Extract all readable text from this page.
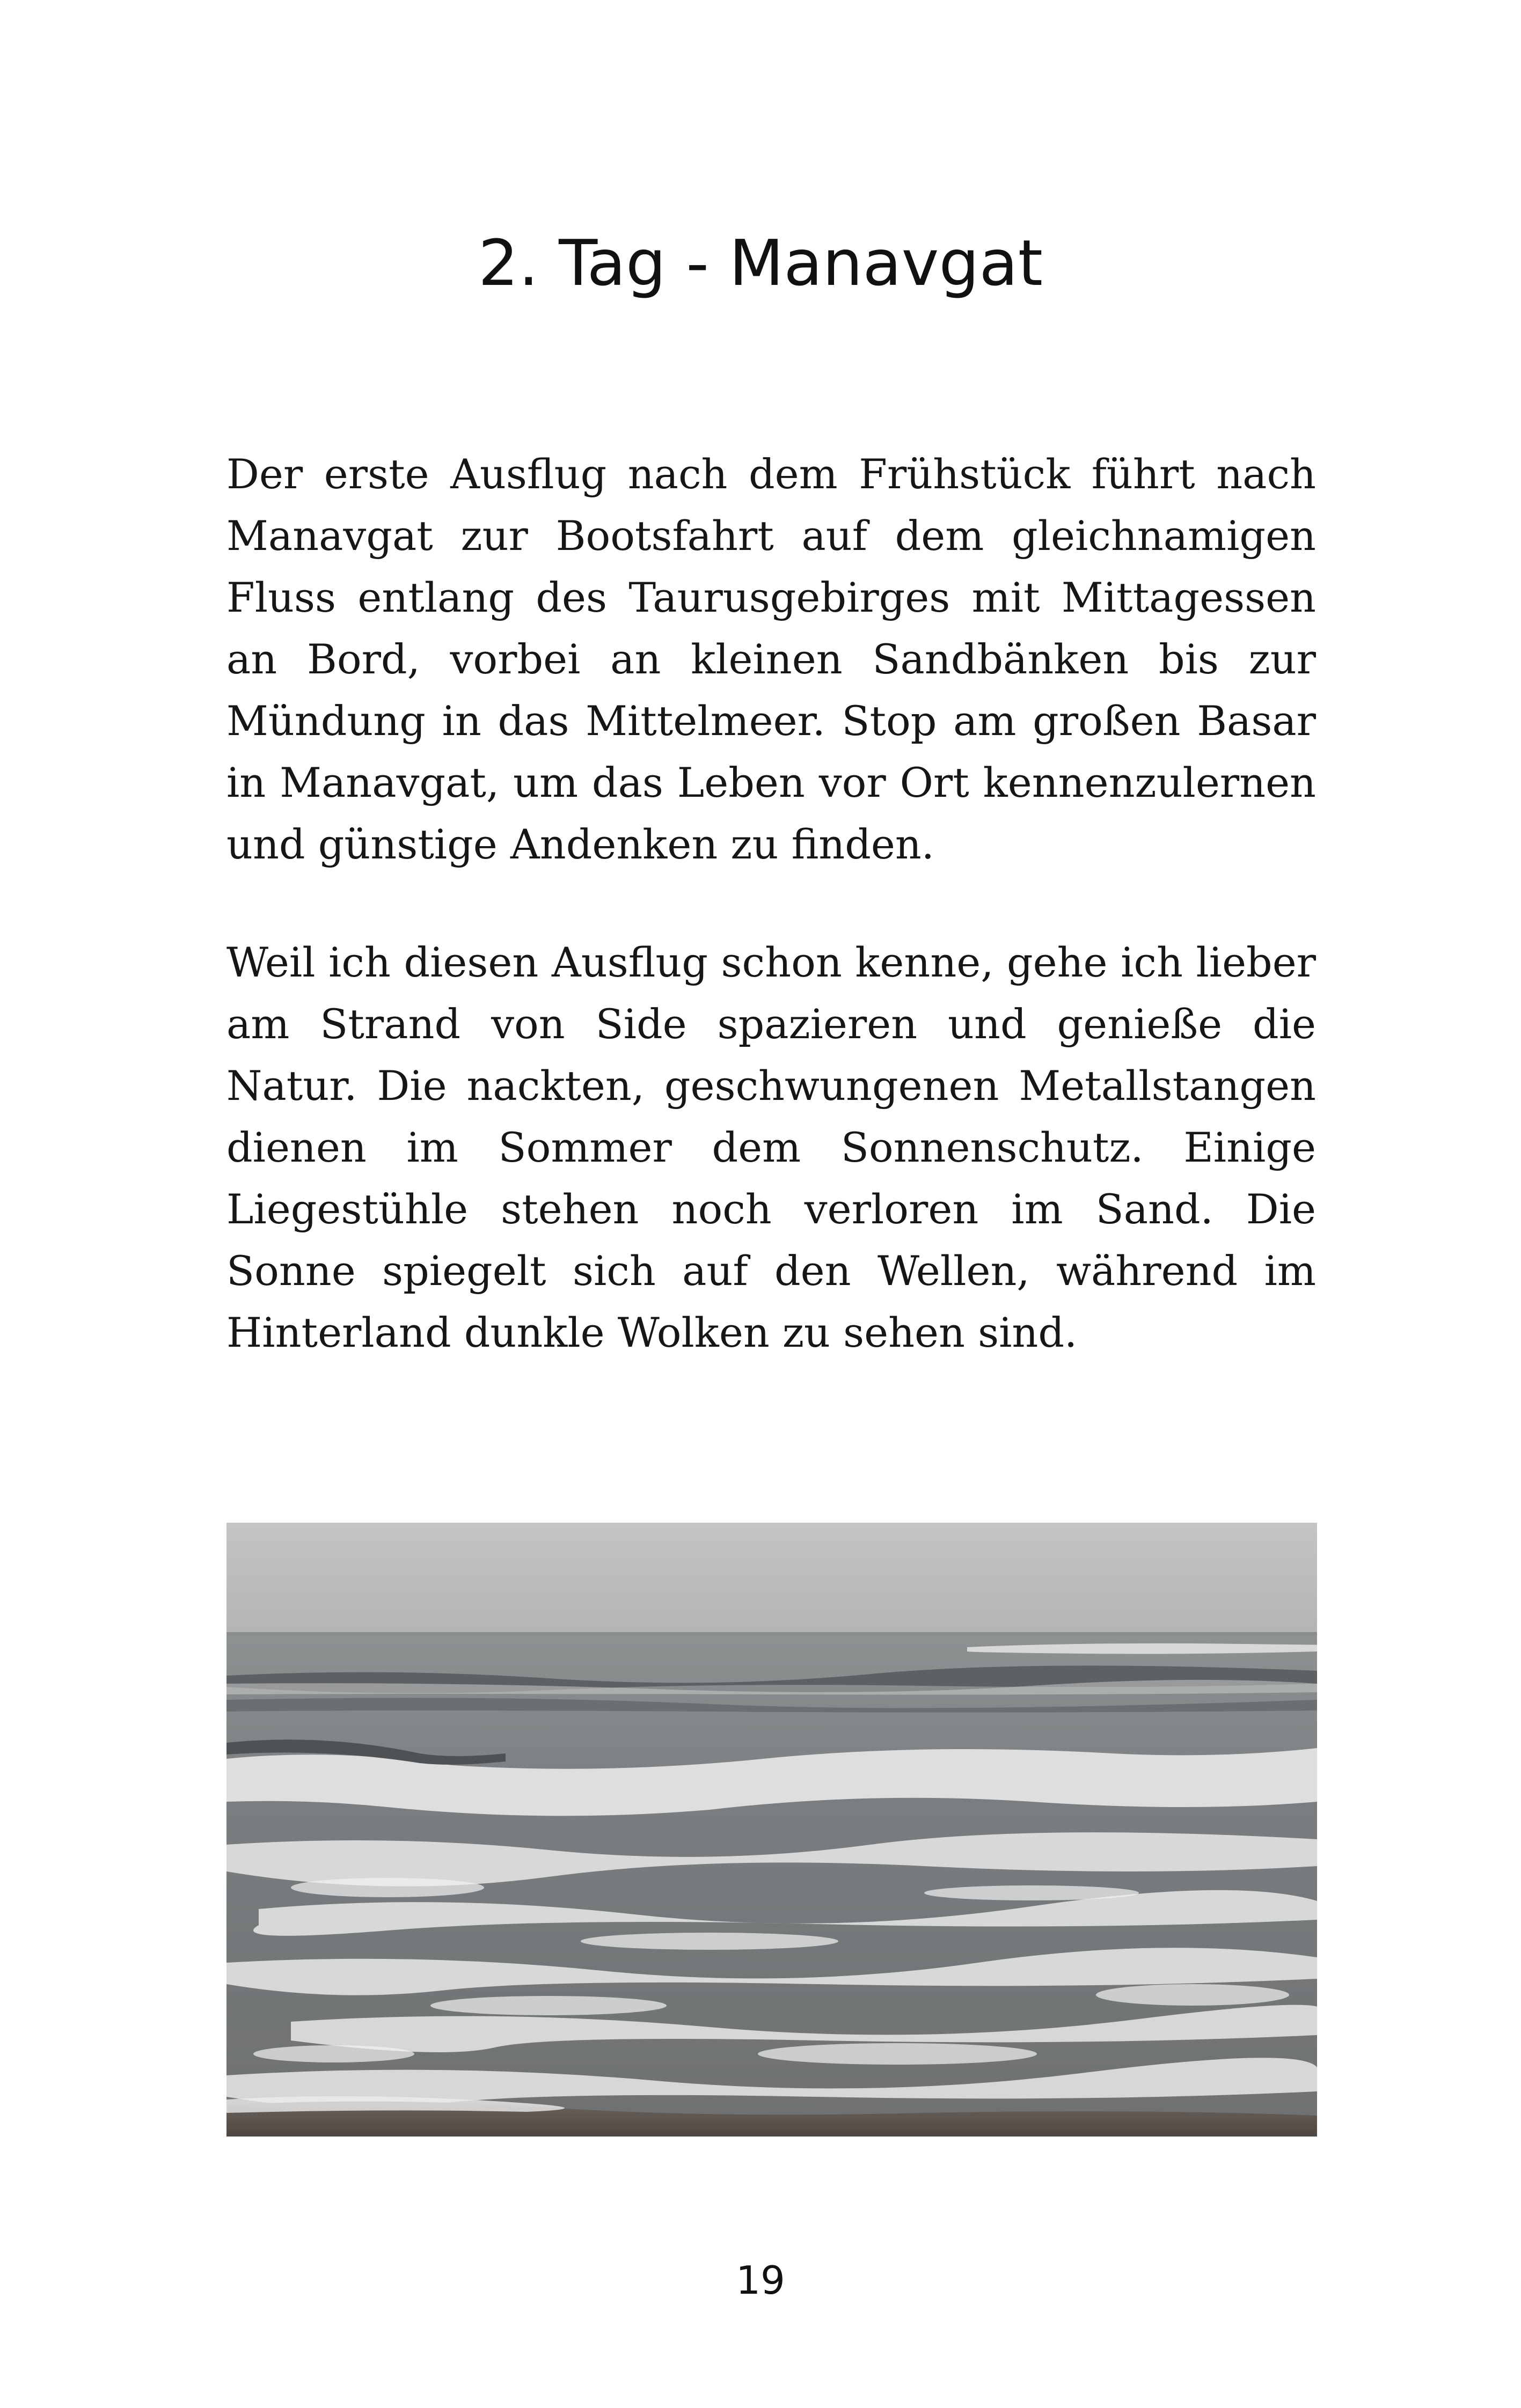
2. Tag - Manavgat

Der erste Ausflug nach dem Frühstück führt nach Manavgat zur Bootsfahrt auf dem gleichnamigen Fluss entlang des Taurusgebirges mit Mittagessen an Bord, vorbei an kleinen Sandbänken bis zur Mündung in das Mittelmeer. Stop am großen Basar in Manavgat, um das Leben vor Ort kennenzulernen und günstige Andenken zu finden.

Weil ich diesen Ausflug schon kenne, gehe ich lieber am Strand von Side spazieren und genieße die Natur. Die nackten, geschwungenen Metallstangen dienen im Sommer dem Sonnenschutz. Einige Liegestühle stehen noch verloren im Sand. Die Sonne spiegelt sich auf den Wellen, während im Hinterland dunkle Wolken zu sehen sind.

19
